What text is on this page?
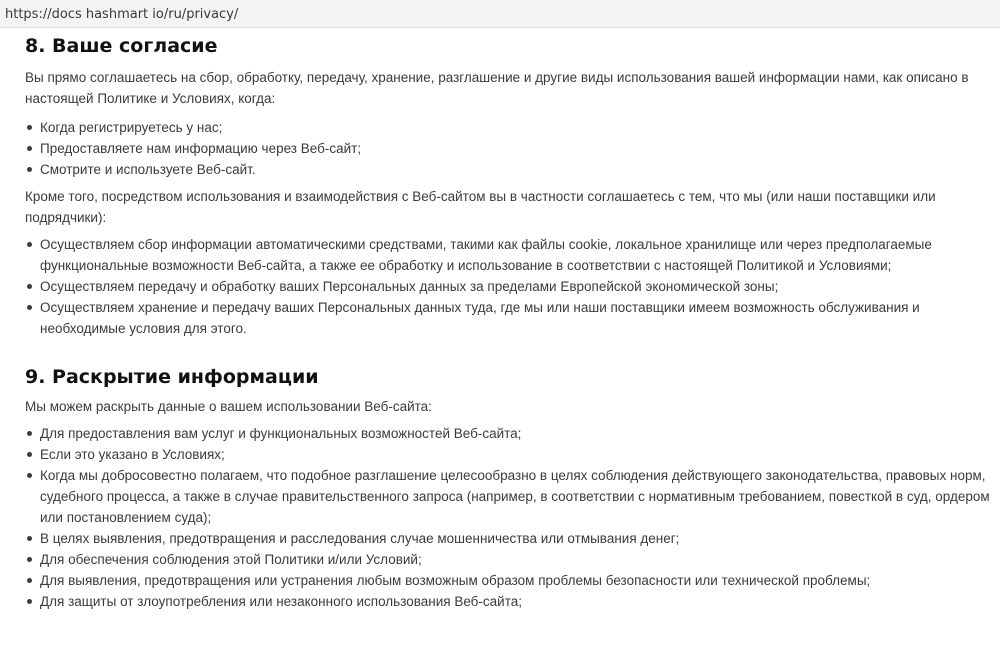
https://docs hashmart io/ru/privacy/
8. Ваше согласие

Вы прямо соглашаетесь на сбор, обработку, передачу, хранение, разглашение и другие виды использования вашей информации нами, как описано в настоящей Политике и Условиях, когда:

Когда регистрируетесь у нас;
Предоставляете нам информацию через Веб-сайт;
Смотрите и используете Веб-сайт.

Кроме того, посредством использования и взаимодействия с Веб-сайтом вы в частности соглашаетесь с тем, что мы (или наши поставщики или подрядчики):

Осуществляем сбор информации автоматическими средствами, такими как файлы cookie, локальное хранилище или через предполагаемые функциональные возможности Веб-сайта, а также ее обработку и использование в соответствии с настоящей Политикой и Условиями;
Осуществляем передачу и обработку ваших Персональных данных за пределами Европейской экономической зоны;
Осуществляем хранение и передачу ваших Персональных данных туда, где мы или наши поставщики имеем возможность обслуживания и необходимые условия для этого.
9. Раскрытие информации

Мы можем раскрыть данные о вашем использовании Веб-сайта:

Для предоставления вам услуг и функциональных возможностей Веб-сайта;
Если это указано в Условиях;
Когда мы добросовестно полагаем, что подобное разглашение целесообразно в целях соблюдения действующего законодательства, правовых норм, судебного процесса, а также в случае правительственного запроса (например, в соответствии с нормативным требованием, повесткой в суд, ордером или постановлением суда);
В целях выявления, предотвращения и расследования случае мошенничества или отмывания денег;
Для обеспечения соблюдения этой Политики и/или Условий;
Для выявления, предотвращения или устранения любым возможным образом проблемы безопасности или технической проблемы;
Для защиты от злоупотребления или незаконного использования Веб-сайта;
